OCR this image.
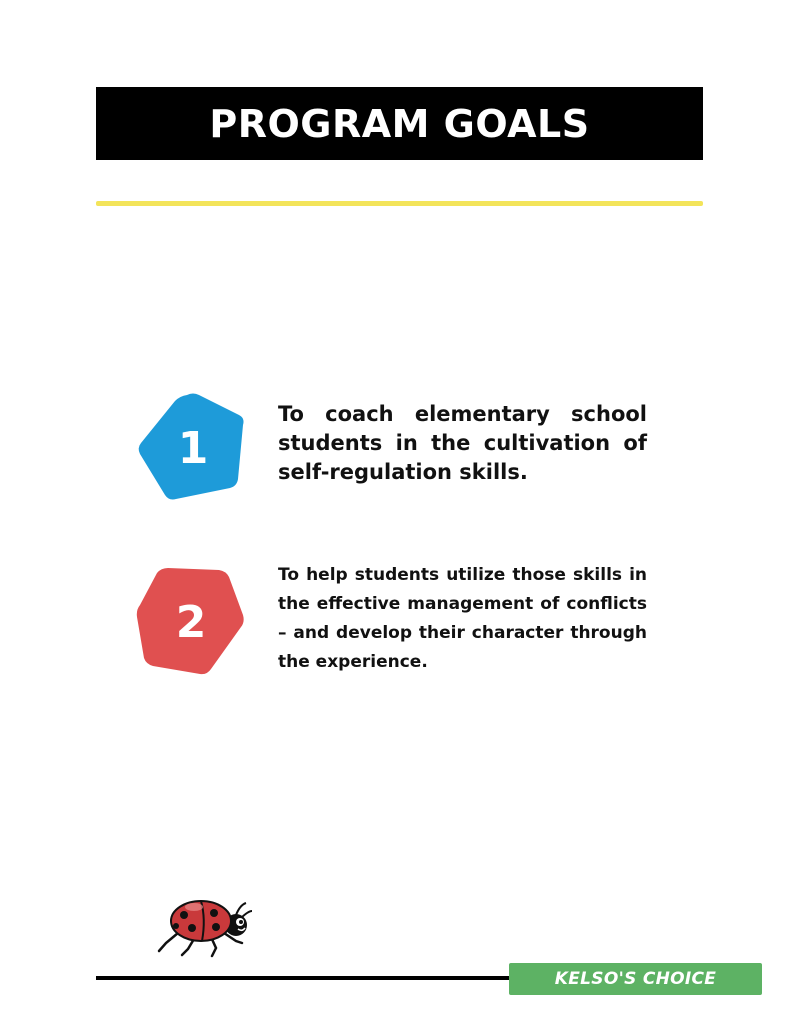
PROGRAM GOALS
1
To coach elementary school students in the cultivation of self-regulation skills.
2
To help students utilize those skills in the effective management of conflicts – and develop their character through the experience.
KELSO'S CHOICE
